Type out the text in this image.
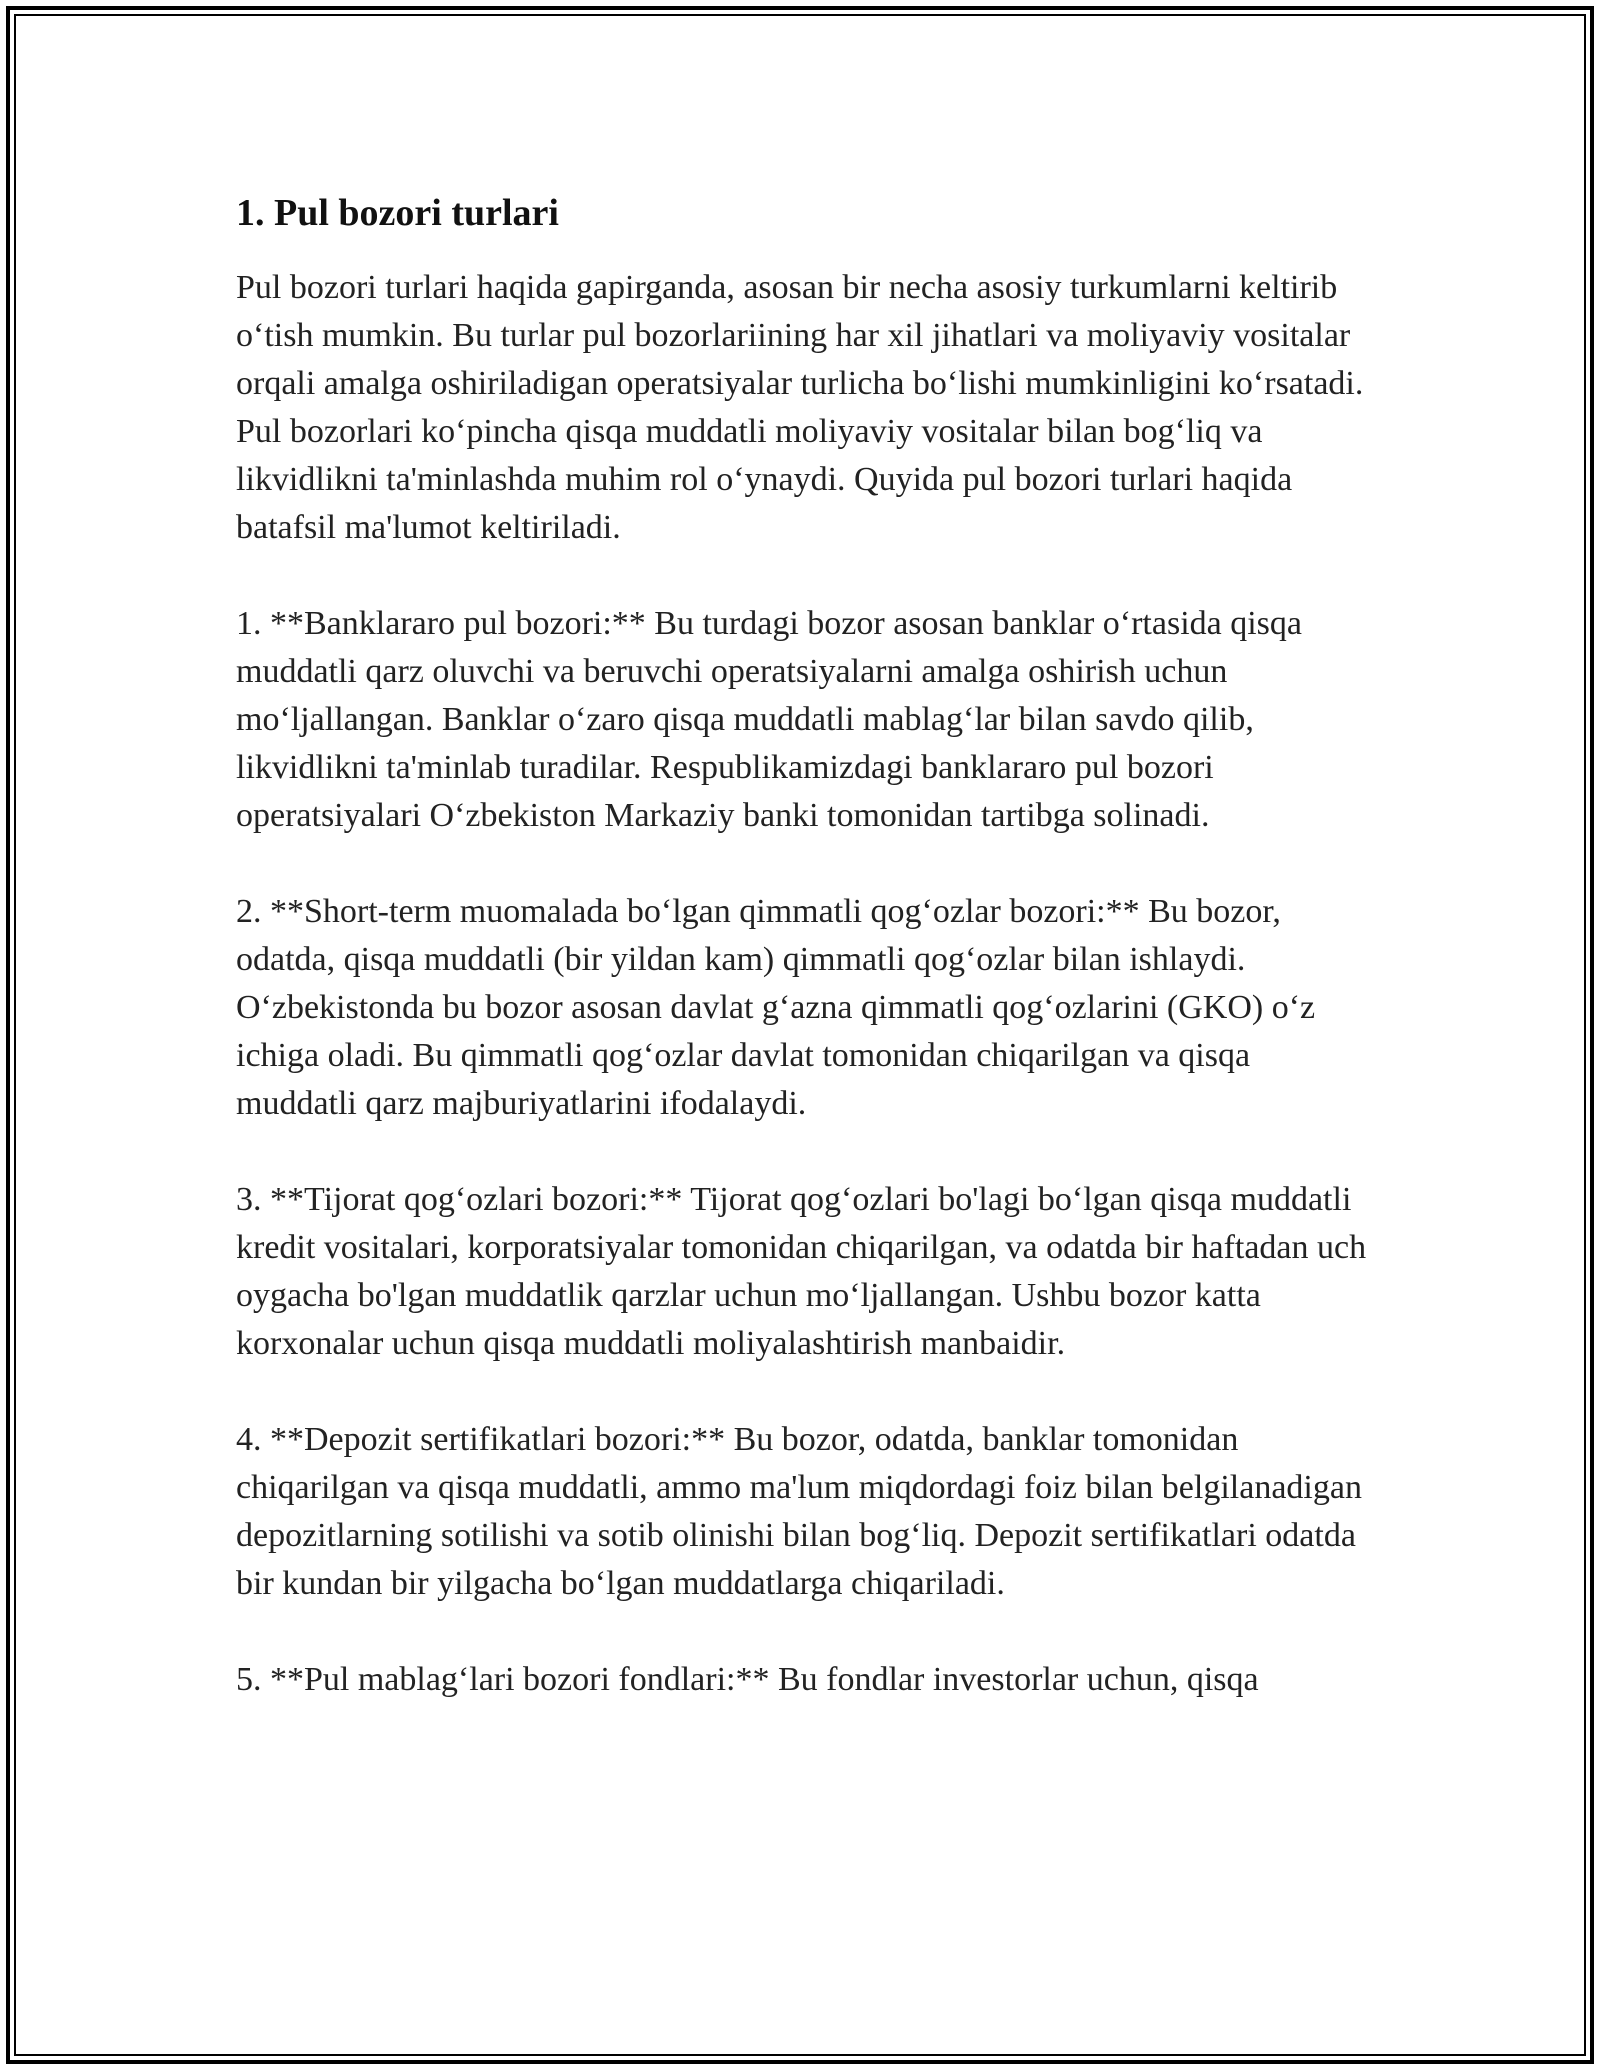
1. Pul bozori turlari

Pul bozori turlari haqida gapirganda, asosan bir necha asosiy turkumlarni keltirib o‘tish mumkin. Bu turlar pul bozorlariining har xil jihatlari va moliyaviy vositalar orqali amalga oshiriladigan operatsiyalar turlicha bo‘lishi mumkinligini ko‘rsatadi. Pul bozorlari ko‘pincha qisqa muddatli moliyaviy vositalar bilan bog‘liq va likvidlikni ta'minlashda muhim rol o‘ynaydi. Quyida pul bozori turlari haqida batafsil ma'lumot keltiriladi.

1. **Banklararo pul bozori:** Bu turdagi bozor asosan banklar o‘rtasida qisqa muddatli qarz oluvchi va beruvchi operatsiyalarni amalga oshirish uchun mo‘ljallangan. Banklar o‘zaro qisqa muddatli mablag‘lar bilan savdo qilib, likvidlikni ta'minlab turadilar. Respublikamizdagi banklararo pul bozori operatsiyalari O‘zbekiston Markaziy banki tomonidan tartibga solinadi.

2. **Short-term muomalada bo‘lgan qimmatli qog‘ozlar bozori:** Bu bozor, odatda, qisqa muddatli (bir yildan kam) qimmatli qog‘ozlar bilan ishlaydi. O‘zbekistonda bu bozor asosan davlat g‘azna qimmatli qog‘ozlarini (GKO) o‘z ichiga oladi. Bu qimmatli qog‘ozlar davlat tomonidan chiqarilgan va qisqa muddatli qarz majburiyatlarini ifodalaydi.

3. **Tijorat qog‘ozlari bozori:** Tijorat qog‘ozlari bo'lagi bo‘lgan qisqa muddatli kredit vositalari, korporatsiyalar tomonidan chiqarilgan, va odatda bir haftadan uch oygacha bo'lgan muddatlik qarzlar uchun mo‘ljallangan. Ushbu bozor katta korxonalar uchun qisqa muddatli moliyalashtirish manbaidir.

4. **Depozit sertifikatlari bozori:** Bu bozor, odatda, banklar tomonidan chiqarilgan va qisqa muddatli, ammo ma'lum miqdordagi foiz bilan belgilanadigan depozitlarning sotilishi va sotib olinishi bilan bog‘liq. Depozit sertifikatlari odatda bir kundan bir yilgacha bo‘lgan muddatlarga chiqariladi.

5. **Pul mablag‘lari bozori fondlari:** Bu fondlar investorlar uchun, qisqa
